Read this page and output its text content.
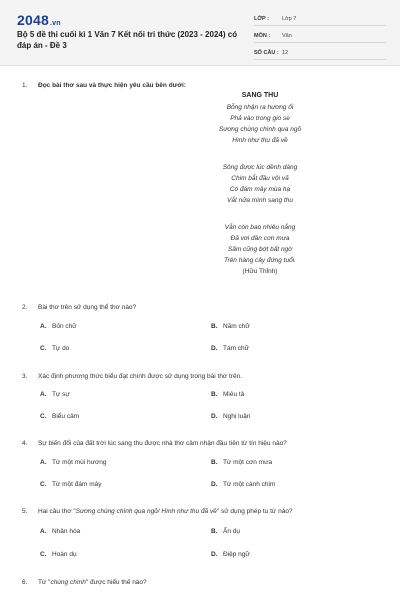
2048.vn
Bộ 5 đề thi cuối kì 1 Văn 7 Kết nối tri thức (2023 - 2024) có đáp án - Đề 3
LỚP :	Lớp 7
MÔN :	Văn
SỐ CÂU : 12
1. Đọc bài thơ sau và thực hiện yêu cầu bên dưới:
SANG THU
Bỗng nhận ra hương ổi
Phả vào trong gió se
Sương chùng chình qua ngõ
Hình như thu đã về
Sông được lúc dềnh dàng
Chim bắt đầu vội vã
Có đám mây mùa hạ
Vắt nửa mình sang thu
Vẫn còn bao nhiêu nắng
Đã vơi dần cơn mưa
Sấm cũng bớt bất ngờ
Trên hàng cây đứng tuổi.
(Hữu Thỉnh)
2. Bài thơ trên sử dụng thể thơ nào?
A. Bốn chữ	B. Năm chữ
C. Tự do	D. Tám chữ
3. Xác định phương thức biểu đạt chính được sử dụng trong bài thơ trên.
A. Tự sự	B. Miêu tả
C. Biểu cảm	D. Nghị luận
4. Sự biến đổi của đất trời lúc sang thu được nhà thơ cảm nhận đầu tiên từ tín hiệu nào?
A. Từ một mùi hương	B. Từ một cơn mưa
C. Từ một đám mây	D. Từ một cánh chim
5. Hai câu thơ "Sương chùng chình qua ngõ/ Hình như thu đã về" sử dụng phép tu từ nào?
A. Nhân hóa	B. Ẩn dụ
C. Hoán dụ	D. Điệp ngữ
6. Từ "chùng chình" được hiểu thế nào?
